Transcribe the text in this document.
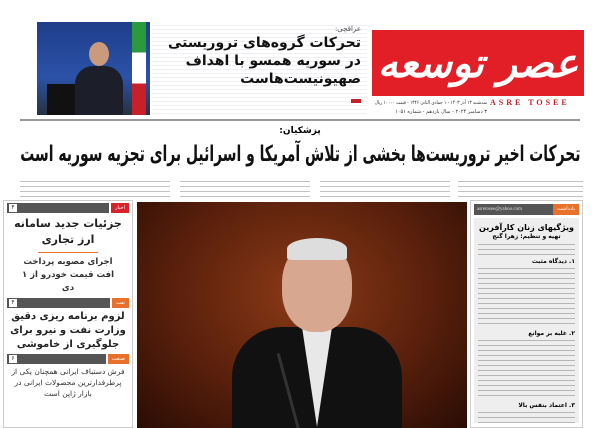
عراقچی:
تحرکات گروه‌های تروریستی در سوریه همسو با اهداف صهیونیست‌هاست عصر توسعه
ASRE TOSEE
سه‌شنبه ۱۳ آذر ۱۴۰۳ - ۱ جمادی الثانی ۱۴۴۶ - قیمت ۱۰۰۰۰ ریال
۳ دسامبر ۲۰۲۴ - سال یازدهم - شماره ۱۰۵۱
پزشکیان:
تحرکات اخیر تروریست‌ها بخشی از تلاش آمریکا و اسرائیل برای تجزیه سوریه است
اخبار
۴
جزئیات جدید سامانه ارز تجاری
اجرای مصوبه پرداخت افت قیمت خودرو از ۱ دی
نفت
۴
لزوم برنامه ریزی دقیق وزارت نفت و نیرو برای جلوگیری از خاموشی
صنعت
۶
فرش دستباف ایرانی همچنان یکی از پرطرفدارترین محصولات ایرانی در بازار ژاپن است
یادداشت
asretosee@yahoo.com
ویژگیهای زنان کارآفرین
تهیه و تنظیم: زهرا گنج
۱. دیدگاه مثبت
۲. غلبه بر موانع
۳. اعتماد بنفس بالا
